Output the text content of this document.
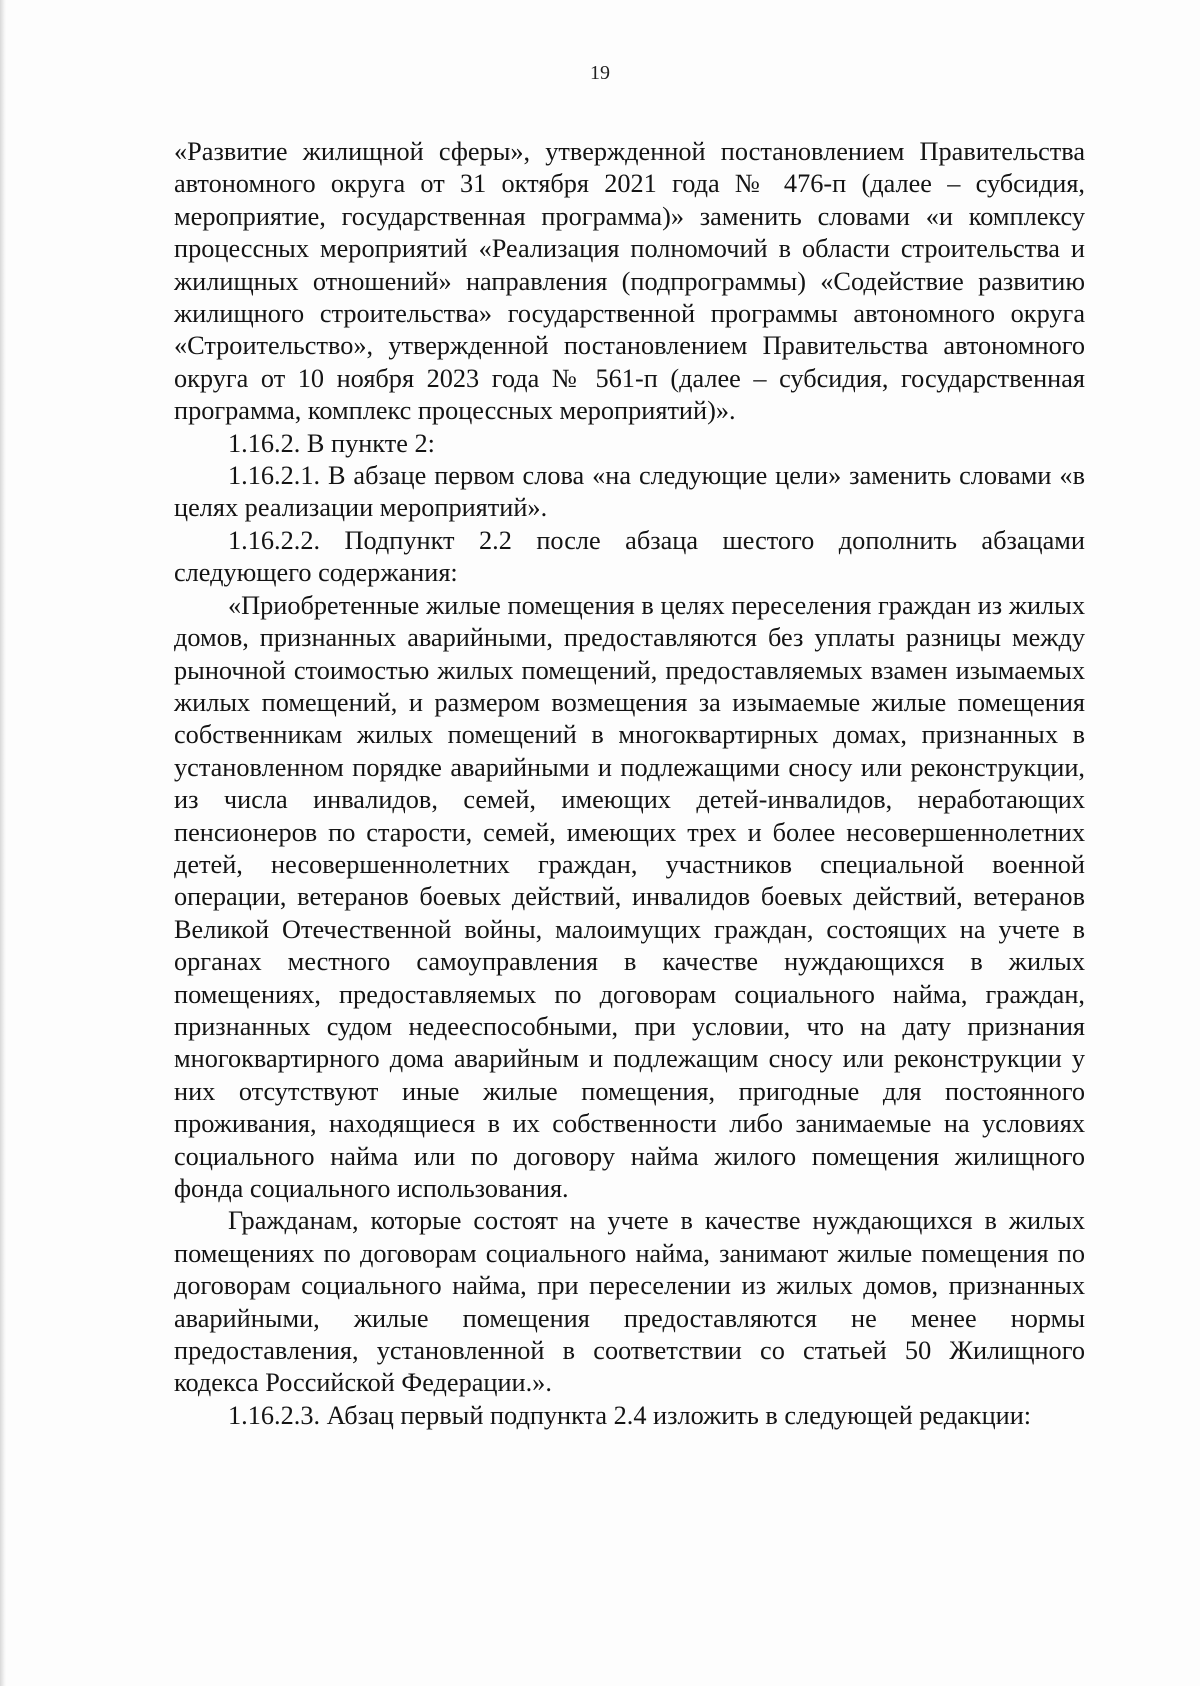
19

«Развитие жилищной сферы», утвержденной постановлением Правительства автономного округа от 31 октября 2021 года № 476-п (далее – субсидия, мероприятие, государственная программа)» заменить словами «и комплексу процессных мероприятий «Реализация полномочий в области строительства и жилищных отношений» направления (подпрограммы) «Содействие развитию жилищного строительства» государственной программы автономного округа «Строительство», утвержденной постановлением Правительства автономного округа от 10 ноября 2023 года № 561-п (далее – субсидия, государственная программа, комплекс процессных мероприятий)».

1.16.2. В пункте 2:

1.16.2.1. В абзаце первом слова «на следующие цели» заменить словами «в целях реализации мероприятий».

1.16.2.2. Подпункт 2.2 после абзаца шестого дополнить абзацами следующего содержания:

«Приобретенные жилые помещения в целях переселения граждан из жилых домов, признанных аварийными, предоставляются без уплаты разницы между рыночной стоимостью жилых помещений, предоставляемых взамен изымаемых жилых помещений, и размером возмещения за изымаемые жилые помещения собственникам жилых помещений в многоквартирных домах, признанных в установленном порядке аварийными и подлежащими сносу или реконструкции, из числа инвалидов, семей, имеющих детей-инвалидов, неработающих пенсионеров по старости, семей, имеющих трех и более несовершеннолетних детей, несовершеннолетних граждан, участников специальной военной операции, ветеранов боевых действий, инвалидов боевых действий, ветеранов Великой Отечественной войны, малоимущих граждан, состоящих на учете в органах местного самоуправления в качестве нуждающихся в жилых помещениях, предоставляемых по договорам социального найма, граждан, признанных судом недееспособными, при условии, что на дату признания многоквартирного дома аварийным и подлежащим сносу или реконструкции у них отсутствуют иные жилые помещения, пригодные для постоянного проживания, находящиеся в их собственности либо занимаемые на условиях социального найма или по договору найма жилого помещения жилищного фонда социального использования.

Гражданам, которые состоят на учете в качестве нуждающихся в жилых помещениях по договорам социального найма, занимают жилые помещения по договорам социального найма, при переселении из жилых домов, признанных аварийными, жилые помещения предоставляются не менее нормы предоставления, установленной в соответствии со статьей 50 Жилищного кодекса Российской Федерации.».

1.16.2.3. Абзац первый подпункта 2.4 изложить в следующей редакции:
